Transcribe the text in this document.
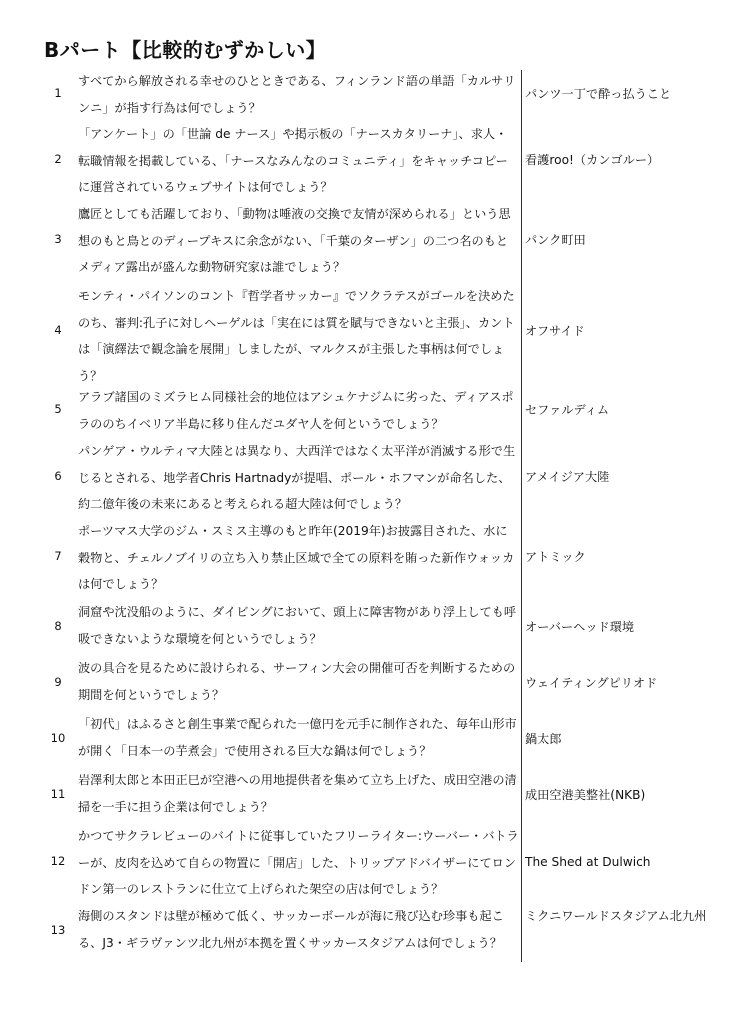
Bパート【比較的むずかしい】
1
すべてから解放される幸せのひとときである、フィンランド語の単語「カルサリンニ」が指す行為は何でしょう？
パンツ一丁で酔っ払うこと
2
「アンケート」の「世論 de ナース」や掲示板の「ナースカタリーナ」、求人・転職情報を掲載している、「ナースなみんなのコミュニティ」をキャッチコピーに運営されているウェブサイトは何でしょう？
看護roo!（カンゴルー）
3
鷹匠としても活躍しており、「動物は唾液の交換で友情が深められる」という思想のもと鳥とのディープキスに余念がない、「千葉のターザン」の二つ名のもとメディア露出が盛んな動物研究家は誰でしょう？
パンク町田
4
モンティ・パイソンのコント『哲学者サッカー』でソクラテスがゴールを決めたのち、審判:孔子に対しヘーゲルは「実在には質を賦与できないと主張」、カントは「演繹法で観念論を展開」しましたが、マルクスが主張した事柄は何でしょう？
オフサイド
5
アラブ諸国のミズラヒム同様社会的地位はアシュケナジムに劣った、ディアスポラののちイベリア半島に移り住んだユダヤ人を何というでしょう？
セファルディム
6
パンゲア・ウルティマ大陸とは異なり、大西洋ではなく太平洋が消滅する形で生じるとされる、地学者Chris Hartnadyが提唱、ポール・ホフマンが命名した、約二億年後の未来にあると考えられる超大陸は何でしょう？
アメイジア大陸
7
ポーツマス大学のジム・スミス主導のもと昨年(2019年)お披露目された、水に穀物と、チェルノブイリの立ち入り禁止区域で全ての原料を賄った新作ウォッカは何でしょう？
アトミック
8
洞窟や沈没船のように、ダイビングにおいて、頭上に障害物があり浮上しても呼吸できないような環境を何というでしょう？
オーバーヘッド環境
9
波の具合を見るために設けられる、サーフィン大会の開催可否を判断するための期間を何というでしょう？
ウェイティングピリオド
10
「初代」はふるさと創生事業で配られた一億円を元手に制作された、毎年山形市が開く「日本一の芋煮会」で使用される巨大な鍋は何でしょう？
鍋太郎
11
岩澤利太郎と本田正巳が空港への用地提供者を集めて立ち上げた、成田空港の清掃を一手に担う企業は何でしょう？
成田空港美整社(NKB)
12
かつてサクラレビューのバイトに従事していたフリーライター:ウーバー・バトラーが、皮肉を込めて自らの物置に「開店」した、トリップアドバイザーにてロンドン第一のレストランに仕立て上げられた架空の店は何でしょう？
The Shed at Dulwich
13
海側のスタンドは壁が極めて低く、サッカーボールが海に飛び込む珍事も起こる、J3・ギラヴァンツ北九州が本拠を置くサッカースタジアムは何でしょう？
ミクニワールドスタジアム北九州
